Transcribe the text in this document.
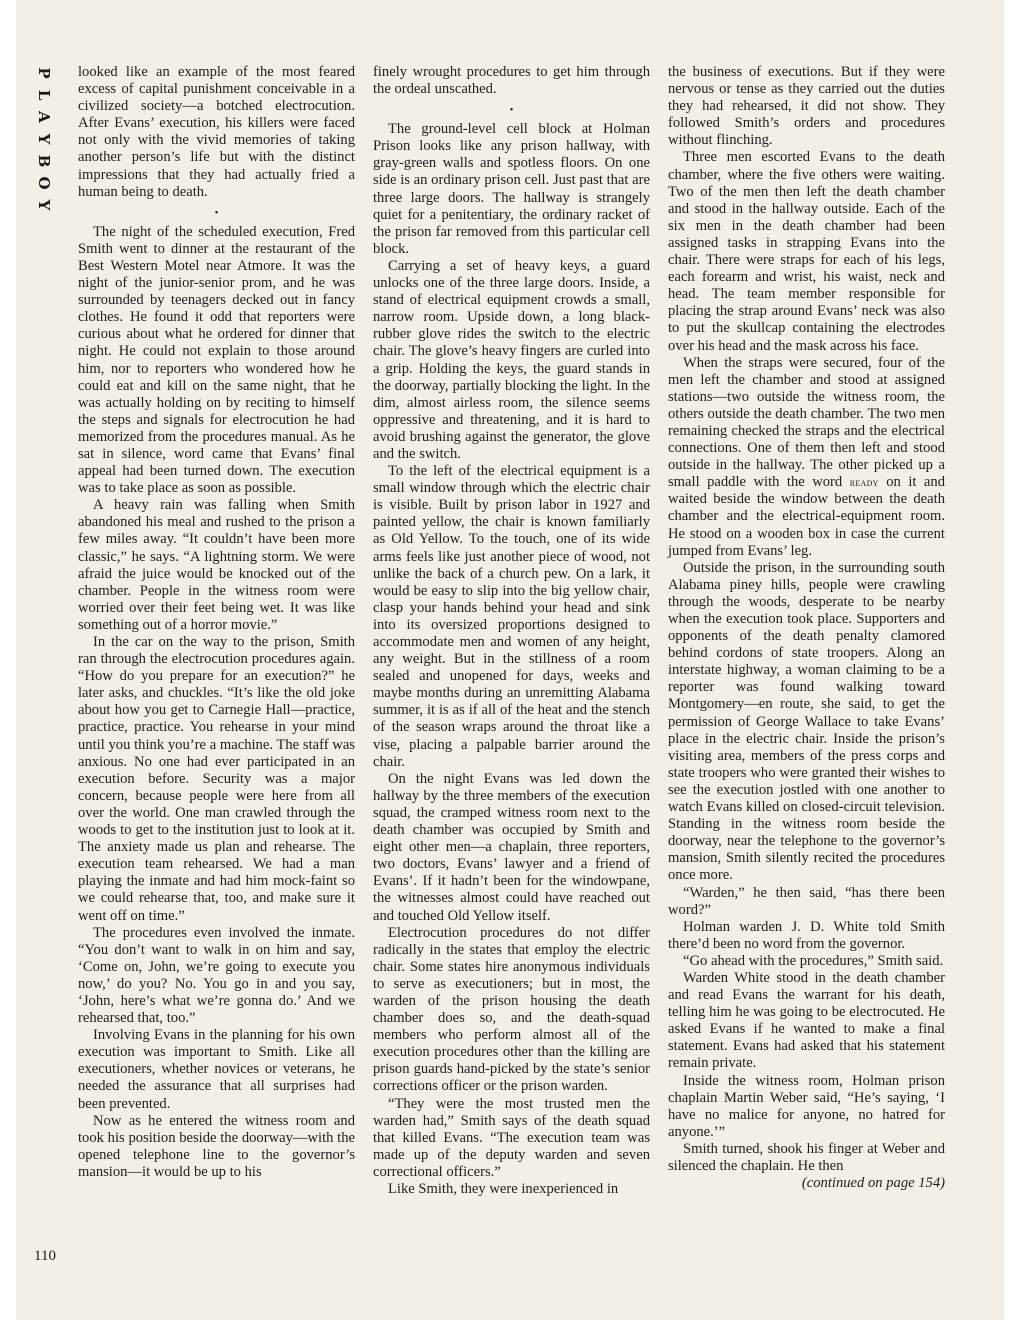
P
L
A
Y
B
O
Y

looked like an example of the most feared excess of capital punishment conceivable in a civilized society—a botched electrocution. After Evans’ execution, his killers were faced not only with the vivid memories of taking another person’s life but with the distinct impressions that they had actually fried a human being to death.

•

The night of the scheduled execution, Fred Smith went to dinner at the restaurant of the Best Western Motel near Atmore. It was the night of the junior-senior prom, and he was surrounded by teenagers decked out in fancy clothes. He found it odd that reporters were curious about what he ordered for dinner that night. He could not explain to those around him, nor to reporters who wondered how he could eat and kill on the same night, that he was actually holding on by reciting to himself the steps and signals for electrocution he had memorized from the procedures manual. As he sat in silence, word came that Evans’ final appeal had been turned down. The execution was to take place as soon as possible.

A heavy rain was falling when Smith abandoned his meal and rushed to the prison a few miles away. “It couldn’t have been more classic,” he says. “A lightning storm. We were afraid the juice would be knocked out of the chamber. People in the witness room were worried over their feet being wet. It was like something out of a horror movie.”

In the car on the way to the prison, Smith ran through the electrocution procedures again. “How do you prepare for an execution?” he later asks, and chuckles. “It’s like the old joke about how you get to Carnegie Hall—practice, practice, practice. You rehearse in your mind until you think you’re a machine. The staff was anxious. No one had ever participated in an execution before. Security was a major concern, because people were here from all over the world. One man crawled through the woods to get to the institution just to look at it. The anxiety made us plan and rehearse. The execution team rehearsed. We had a man playing the inmate and had him mock-faint so we could rehearse that, too, and make sure it went off on time.”

The procedures even involved the inmate. “You don’t want to walk in on him and say, ‘Come on, John, we’re going to execute you now,’ do you? No. You go in and you say, ‘John, here’s what we’re gonna do.’ And we rehearsed that, too.”

Involving Evans in the planning for his own execution was important to Smith. Like all executioners, whether novices or veterans, he needed the assurance that all surprises had been prevented.

Now as he entered the witness room and took his position beside the doorway—with the opened telephone line to the governor’s mansion—it would be up to his

finely wrought procedures to get him through the ordeal unscathed.

•

The ground-level cell block at Holman Prison looks like any prison hallway, with gray-green walls and spotless floors. On one side is an ordinary prison cell. Just past that are three large doors. The hallway is strangely quiet for a penitentiary, the ordinary racket of the prison far removed from this particular cell block.

Carrying a set of heavy keys, a guard unlocks one of the three large doors. Inside, a stand of electrical equipment crowds a small, narrow room. Upside down, a long black-rubber glove rides the switch to the electric chair. The glove’s heavy fingers are curled into a grip. Holding the keys, the guard stands in the doorway, partially blocking the light. In the dim, almost airless room, the silence seems oppressive and threatening, and it is hard to avoid brushing against the generator, the glove and the switch.

To the left of the electrical equipment is a small window through which the electric chair is visible. Built by prison labor in 1927 and painted yellow, the chair is known familiarly as Old Yellow. To the touch, one of its wide arms feels like just another piece of wood, not unlike the back of a church pew. On a lark, it would be easy to slip into the big yellow chair, clasp your hands behind your head and sink into its oversized proportions designed to accommodate men and women of any height, any weight. But in the stillness of a room sealed and unopened for days, weeks and maybe months during an unremitting Alabama summer, it is as if all of the heat and the stench of the season wraps around the throat like a vise, placing a palpable barrier around the chair.

On the night Evans was led down the hallway by the three members of the execution squad, the cramped witness room next to the death chamber was occupied by Smith and eight other men—a chaplain, three reporters, two doctors, Evans’ lawyer and a friend of Evans’. If it hadn’t been for the windowpane, the witnesses almost could have reached out and touched Old Yellow itself.

Electrocution procedures do not differ radically in the states that employ the electric chair. Some states hire anonymous individuals to serve as executioners; but in most, the warden of the prison housing the death chamber does so, and the death-squad members who perform almost all of the execution procedures other than the killing are prison guards hand-picked by the state’s senior corrections officer or the prison warden.

“They were the most trusted men the warden had,” Smith says of the death squad that killed Evans. “The execution team was made up of the deputy warden and seven correctional officers.”

Like Smith, they were inexperienced in

the business of executions. But if they were nervous or tense as they carried out the duties they had rehearsed, it did not show. They followed Smith’s orders and procedures without flinching.

Three men escorted Evans to the death chamber, where the five others were waiting. Two of the men then left the death chamber and stood in the hallway outside. Each of the six men in the death chamber had been assigned tasks in strapping Evans into the chair. There were straps for each of his legs, each forearm and wrist, his waist, neck and head. The team member responsible for placing the strap around Evans’ neck was also to put the skullcap containing the electrodes over his head and the mask across his face.

When the straps were secured, four of the men left the chamber and stood at assigned stations—two outside the witness room, the others outside the death chamber. The two men remaining checked the straps and the electrical connections. One of them then left and stood outside in the hallway. The other picked up a small paddle with the word ready on it and waited beside the window between the death chamber and the electrical-equipment room. He stood on a wooden box in case the current jumped from Evans’ leg.

Outside the prison, in the surrounding south Alabama piney hills, people were crawling through the woods, desperate to be nearby when the execution took place. Supporters and opponents of the death penalty clamored behind cordons of state troopers. Along an interstate highway, a woman claiming to be a reporter was found walking toward Montgomery—en route, she said, to get the permission of George Wallace to take Evans’ place in the electric chair. Inside the prison’s visiting area, members of the press corps and state troopers who were granted their wishes to see the execution jostled with one another to watch Evans killed on closed-circuit television. Standing in the witness room beside the doorway, near the telephone to the governor’s mansion, Smith silently recited the procedures once more.

“Warden,” he then said, “has there been word?”

Holman warden J. D. White told Smith there’d been no word from the governor.

“Go ahead with the procedures,” Smith said.

Warden White stood in the death chamber and read Evans the warrant for his death, telling him he was going to be electrocuted. He asked Evans if he wanted to make a final statement. Evans had asked that his statement remain private.

Inside the witness room, Holman prison chaplain Martin Weber said, “He’s saying, ‘I have no malice for anyone, no hatred for anyone.’”

Smith turned, shook his finger at Weber and silenced the chaplain. He then

(continued on page 154)

110
